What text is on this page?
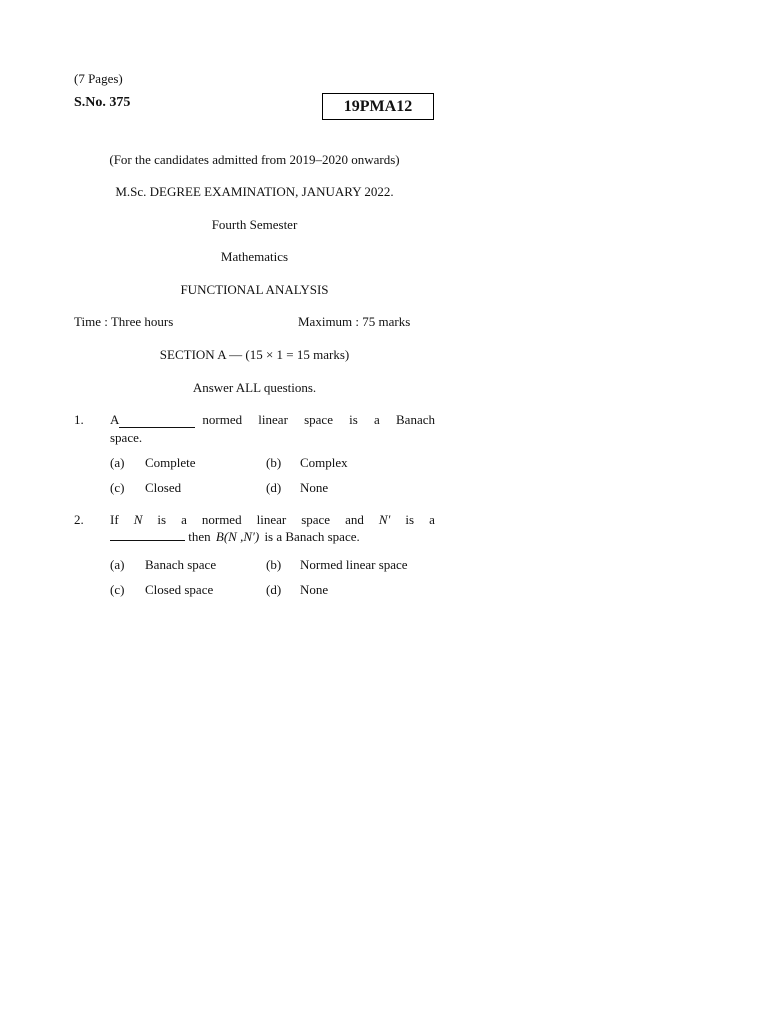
(7 Pages)
S.No. 375	19PMA12
(For the candidates admitted from 2019–2020 onwards)
M.Sc. DEGREE EXAMINATION, JANUARY 2022.
Fourth Semester
Mathematics
FUNCTIONAL ANALYSIS
Time : Three hours	Maximum : 75 marks
SECTION A — (15 × 1 = 15 marks)
Answer ALL questions.
1. A	normed linear space is a Banach
space.
(a) Complete	(b) Complex
(c) Closed	(d) None
2. If N is a normed linear space and N′ is a
then B(N ,N′) is a Banach space.
(a) Banach space	(b) Normed linear space
(c) Closed space	(d) None
